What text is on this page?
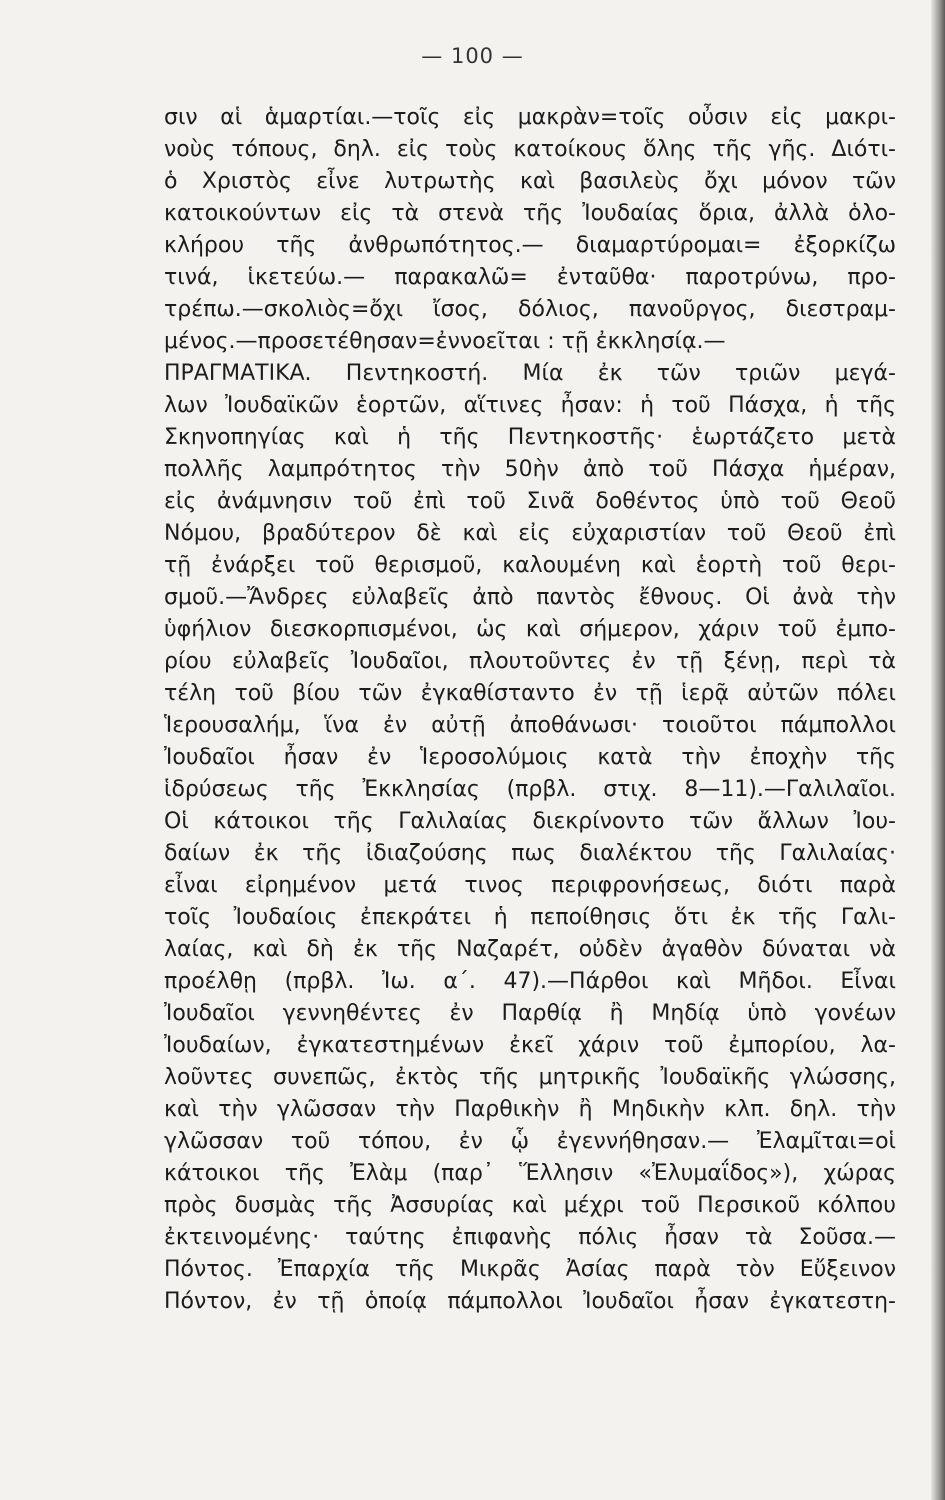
— 100 —
σιν αἱ ἁμαρτίαι.—τοῖς εἰς μακρὰν=τοῖς οὖσιν εἰς μακρι-
νοὺς τόπους, δηλ. εἰς τοὺς κατοίκους ὅλης τῆς γῆς. Διότι-
ὁ Χριστὸς εἶνε λυτρωτὴς καὶ βασιλεὺς ὄχι μόνον τῶν
κατοικούντων εἰς τὰ στενὰ τῆς Ἰουδαίας ὅρια, ἀλλὰ ὁλο-
κλήρου τῆς ἀνθρωπότητος.— διαμαρτύρομαι= ἐξορκίζω
τινά, ἱκετεύω.— παρακαλῶ= ἐνταῦθα· παροτρύνω, προ-
τρέπω.—σκολιὸς=ὄχι ἴσος, δόλιος, πανοῦργος, διεστραμ-
μένος.—προσετέθησαν=ἐννοεῖται : τῇ ἐκκλησίᾳ.—
ΠΡΑΓΜΑΤΙΚΑ. Πεντηκοστή. Μία ἐκ τῶν τριῶν μεγά-
λων Ἰουδαϊκῶν ἑορτῶν, αἵτινες ἦσαν: ἡ τοῦ Πάσχα, ἡ τῆς
Σκηνοπηγίας καὶ ἡ τῆς Πεντηκοστῆς· ἑωρτάζετο μετὰ
πολλῆς λαμπρότητος τὴν 50ὴν ἀπὸ τοῦ Πάσχα ἡμέραν,
εἰς ἀνάμνησιν τοῦ ἐπὶ τοῦ Σινᾶ δοθέντος ὑπὸ τοῦ Θεοῦ
Νόμου, βραδύτερον δὲ καὶ εἰς εὐχαριστίαν τοῦ Θεοῦ ἐπὶ
τῇ ἐνάρξει τοῦ θερισμοῦ, καλουμένη καὶ ἑορτὴ τοῦ θερι-
σμοῦ.—Ἄνδρες εὐλαβεῖς ἀπὸ παντὸς ἔθνους. Οἱ ἀνὰ τὴν
ὑφήλιον διεσκορπισμένοι, ὡς καὶ σήμερον, χάριν τοῦ ἐμπο-
ρίου εὐλαβεῖς Ἰουδαῖοι, πλουτοῦντες ἐν τῇ ξένῃ, περὶ τὰ
τέλη τοῦ βίου τῶν ἐγκαθίσταντο ἐν τῇ ἱερᾷ αὐτῶν πόλει
Ἱερουσαλήμ, ἵνα ἐν αὐτῇ ἀποθάνωσι· τοιοῦτοι πάμπολλοι
Ἰουδαῖοι ἦσαν ἐν Ἱεροσολύμοις κατὰ τὴν ἐποχὴν τῆς
ἱδρύσεως τῆς Ἐκκλησίας (πρβλ. στιχ. 8—11).—Γαλιλαῖοι.
Οἱ κάτοικοι τῆς Γαλιλαίας διεκρίνοντο τῶν ἄλλων Ἰου-
δαίων ἐκ τῆς ἰδιαζούσης πως διαλέκτου τῆς Γαλιλαίας·
εἶναι εἰρημένον μετά τινος περιφρονήσεως, διότι παρὰ
τοῖς Ἰουδαίοις ἐπεκράτει ἡ πεποίθησις ὅτι ἐκ τῆς Γαλι-
λαίας, καὶ δὴ ἐκ τῆς Ναζαρέτ, οὐδὲν ἀγαθὸν δύναται νὰ
προέλθῃ (πρβλ. Ἰω. α΄. 47).—Πάρθοι καὶ Μῆδοι. Εἶναι
Ἰουδαῖοι γεννηθέντες ἐν Παρθίᾳ ἢ Μηδίᾳ ὑπὸ γονέων
Ἰουδαίων, ἐγκατεστημένων ἐκεῖ χάριν τοῦ ἐμπορίου, λα-
λοῦντες συνεπῶς, ἐκτὸς τῆς μητρικῆς Ἰουδαϊκῆς γλώσσης,
καὶ τὴν γλῶσσαν τὴν Παρθικὴν ἢ Μηδικὴν κλπ. δηλ. τὴν
γλῶσσαν τοῦ τόπου, ἐν ᾧ ἐγεννήθησαν.— Ἐλαμῖται=οἱ
κάτοικοι τῆς Ἐλὰμ (παρ᾽ Ἕλλησιν «Ἐλυμαΐδος»), χώρας
πρὸς δυσμὰς τῆς Ἀσσυρίας καὶ μέχρι τοῦ Περσικοῦ κόλπου
ἐκτεινομένης· ταύτης ἐπιφανὴς πόλις ἦσαν τὰ Σοῦσα.—
Πόντος. Ἐπαρχία τῆς Μικρᾶς Ἀσίας παρὰ τὸν Εὔξεινον
Πόντον, ἐν τῇ ὁποίᾳ πάμπολλοι Ἰουδαῖοι ἦσαν ἐγκατεστη-
